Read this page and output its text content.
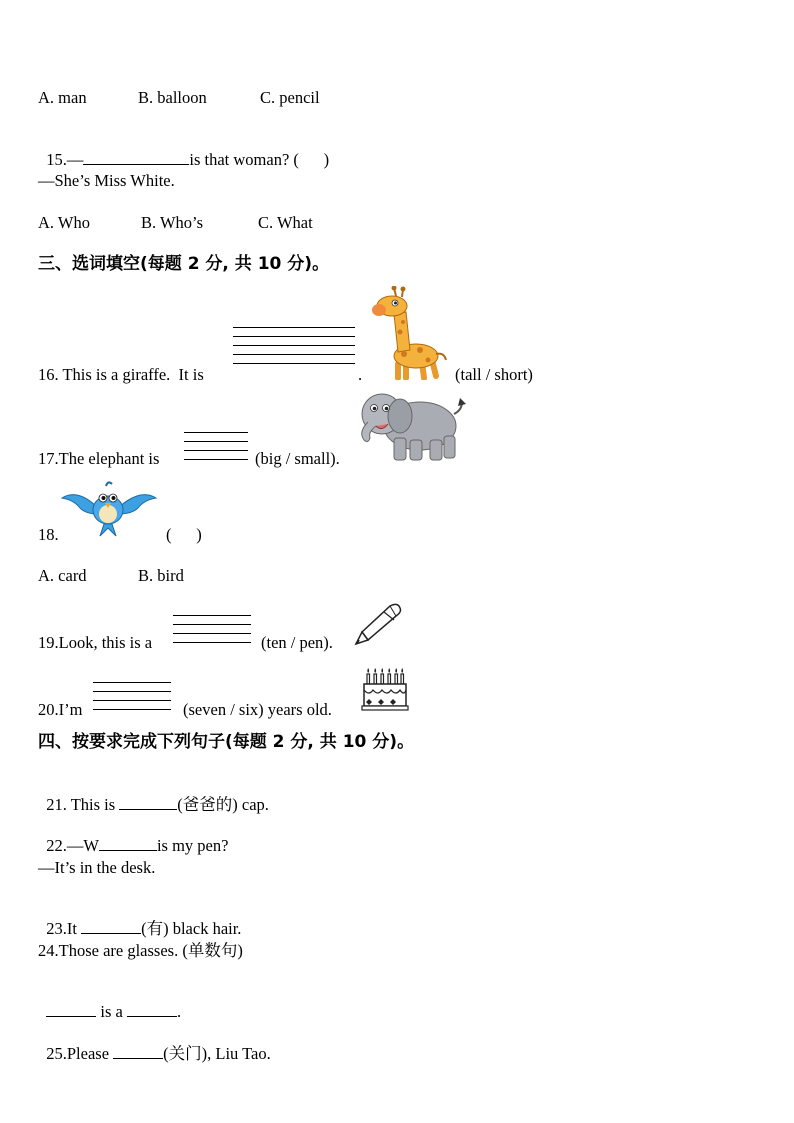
A. man	B. balloon	C. pencil

15.—	is that woman? (      )

—She’s Miss White.
A. Who	B. Who’s	C. What
三、选词填空(每题 2 分, 共 10 分)。
16. This is a giraffe.  It is	.	(tall / short)
17.The elephant is	(big / small).
18.	(      )
A. card	B. bird
19.Look, this is a	(ten / pen).
20.I’m	(seven / six) years old.
四、按要求完成下列句子(每题 2 分, 共 10 分)。

21. This is	(爸爸的) cap.

22.—W	is my pen?

—It’s in the desk.

23.It	(有) black hair.

24.Those are glasses. (单数句)

is a	.

25.Please	(关门), Liu Tao.
